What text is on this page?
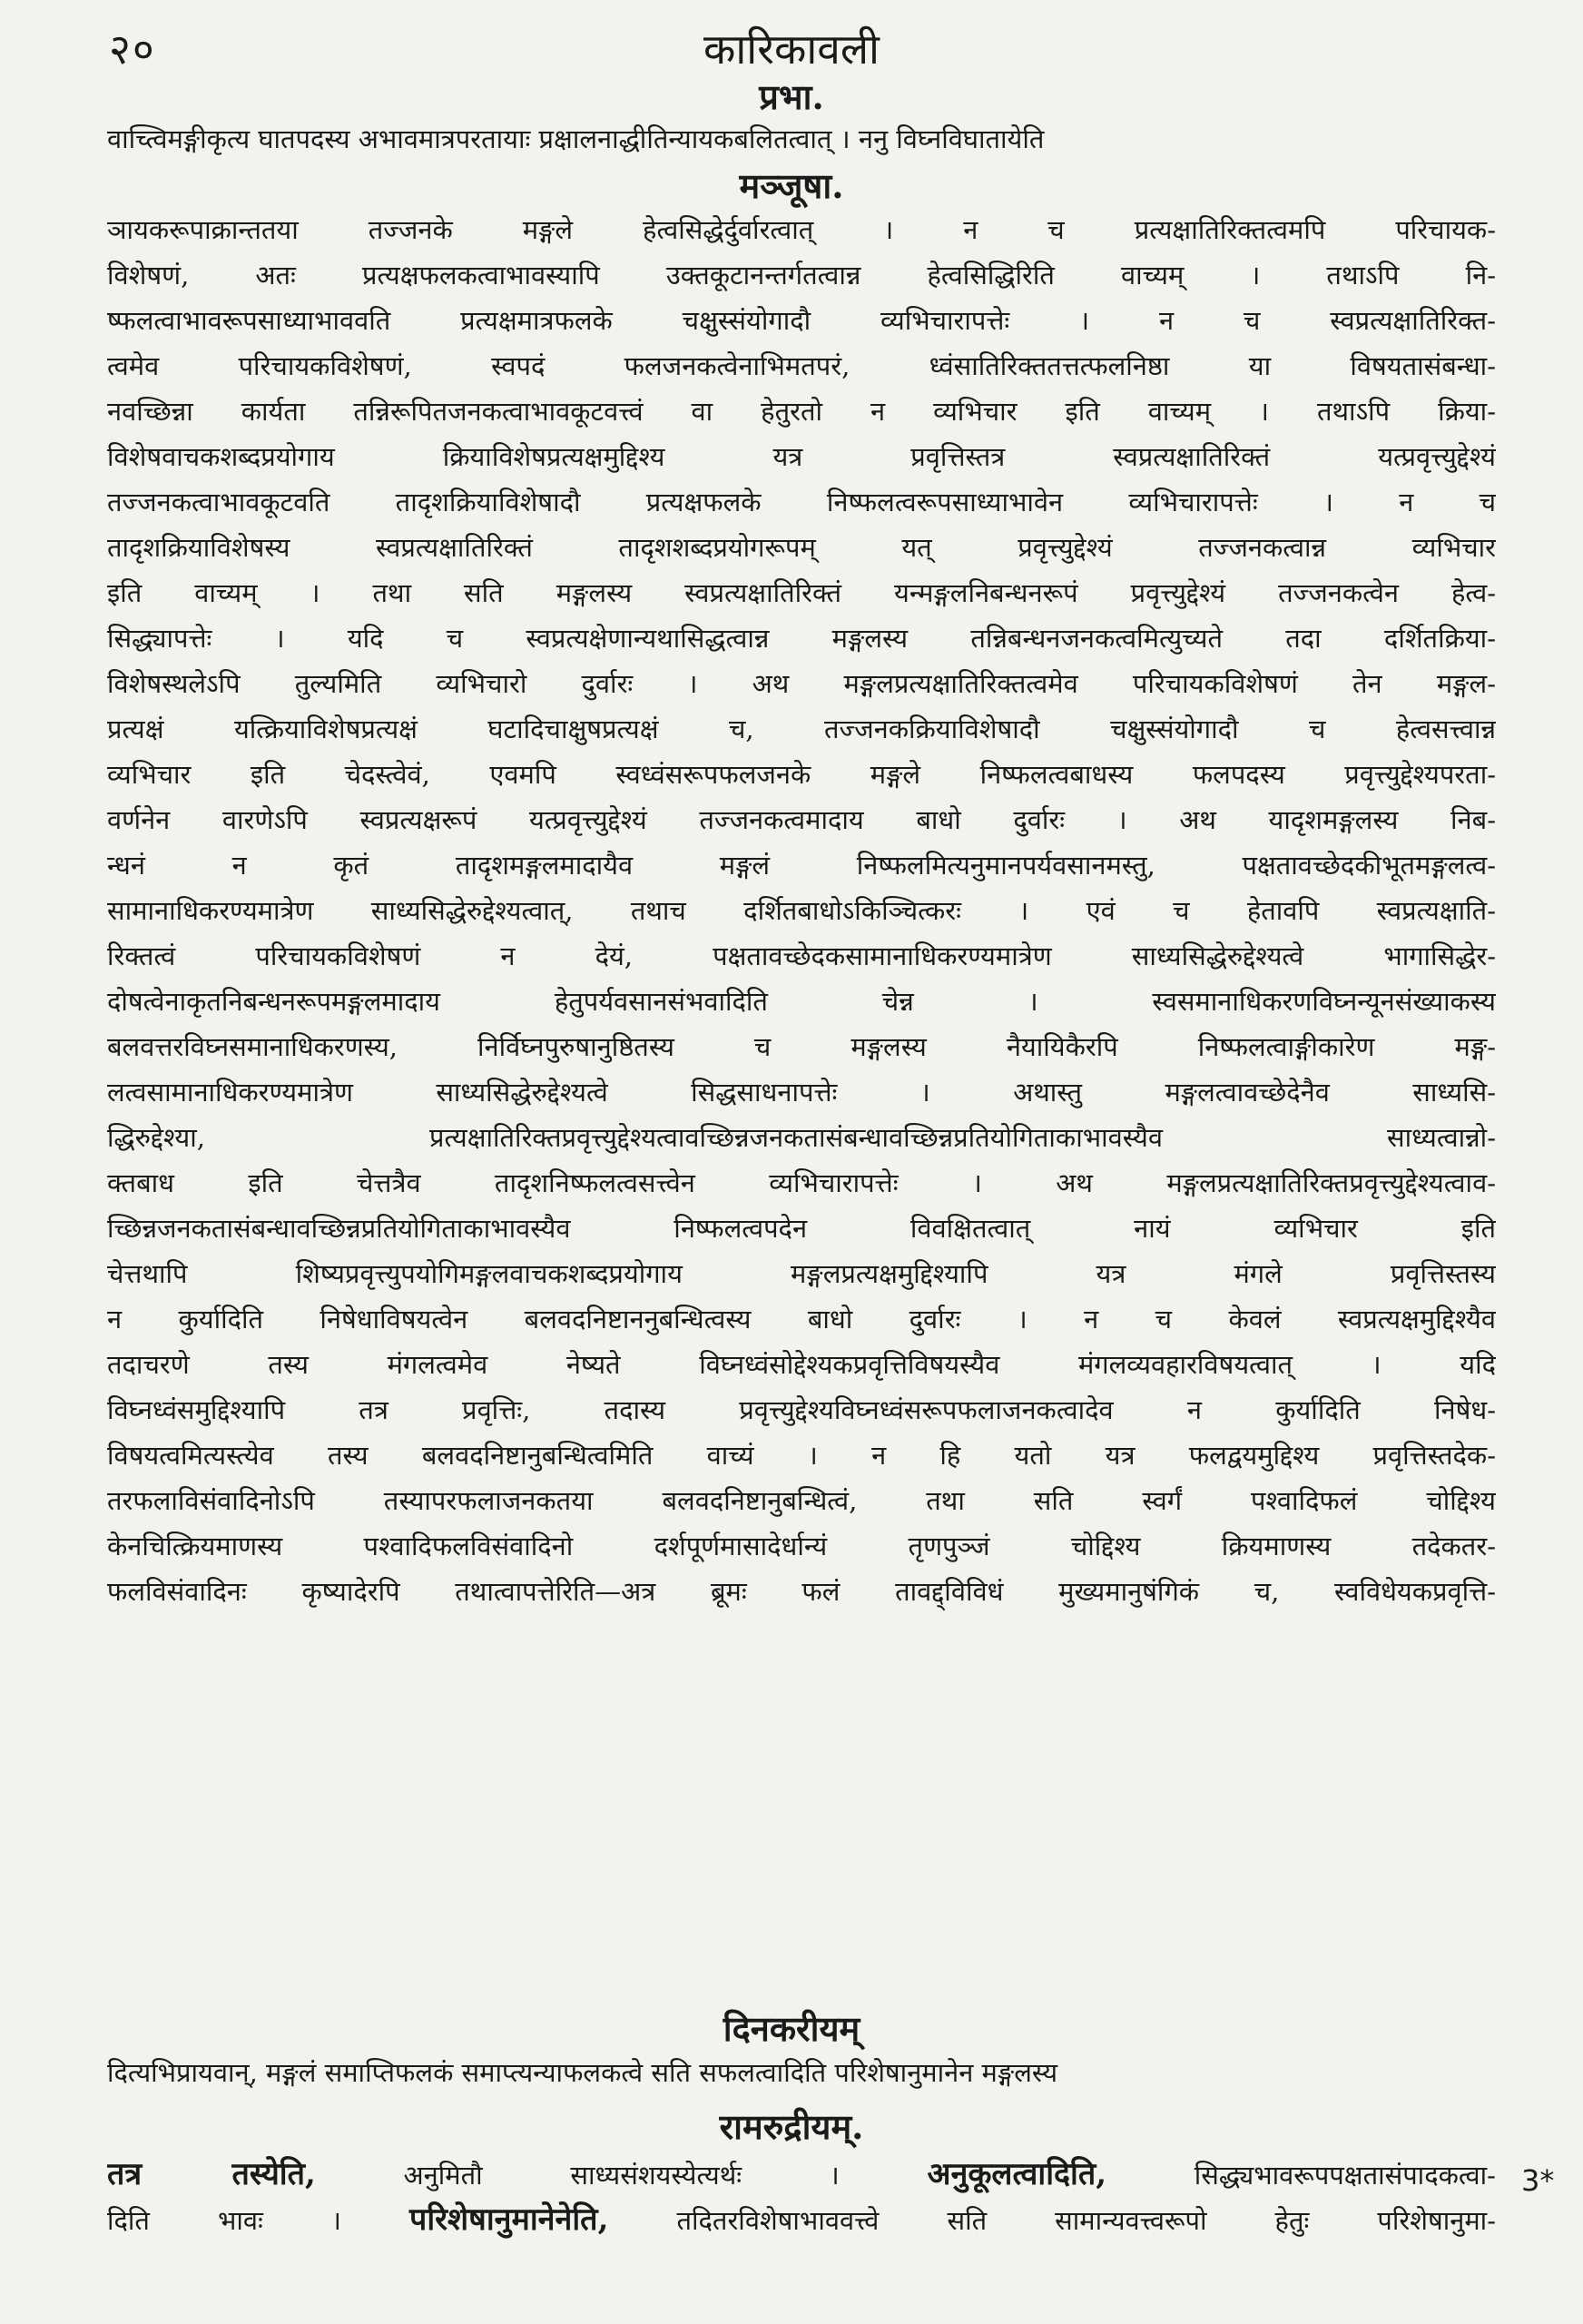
२०	कारिकावली
प्रभा.
वाच्त्विमङ्गीकृत्य घातपदस्य अभावमात्रपरतायाः प्रक्षालनाद्धीतिन्यायकबलितत्वात् । ननु विघ्नविघातायेति
मञ्जूषा.
ञायकरूपाक्रान्ततया तज्जनके मङ्गले हेत्वसिद्धेर्दुर्वारत्वात् । न च प्रत्यक्षातिरिक्तत्वमपि परिचायक-
विशेषणं, अतः प्रत्यक्षफलकत्वाभावस्यापि उक्तकूटानन्तर्गतत्वान्न हेत्वसिद्धिरिति वाच्यम् । तथाऽपि नि-
ष्फलत्वाभावरूपसाध्याभाववति प्रत्यक्षमात्रफलके चक्षुस्संयोगादौ व्यभिचारापत्तेः । न च स्वप्रत्यक्षातिरिक्त-
त्वमेव परिचायकविशेषणं, स्वपदं फलजनकत्वेनाभिमतपरं, ध्वंसातिरिक्ततत्तत्फलनिष्ठा या विषयतासंबन्धा-
नवच्छिन्ना कार्यता तन्निरूपितजनकत्वाभावकूटवत्त्वं वा हेतुरतो न व्यभिचार इति वाच्यम् । तथाऽपि क्रिया-
विशेषवाचकशब्दप्रयोगाय क्रियाविशेषप्रत्यक्षमुद्दिश्य यत्र प्रवृत्तिस्तत्र स्वप्रत्यक्षातिरिक्तं यत्प्रवृत्त्युद्देश्यं
तज्जनकत्वाभावकूटवति तादृशक्रियाविशेषादौ प्रत्यक्षफलके निष्फलत्वरूपसाध्याभावेन व्यभिचारापत्तेः । न च
तादृशक्रियाविशेषस्य स्वप्रत्यक्षातिरिक्तं तादृशशब्दप्रयोगरूपम् यत् प्रवृत्त्युद्देश्यं तज्जनकत्वान्न व्यभिचार
इति वाच्यम् । तथा सति मङ्गलस्य स्वप्रत्यक्षातिरिक्तं यन्मङ्गलनिबन्धनरूपं प्रवृत्त्युद्देश्यं तज्जनकत्वेन हेत्व-
सिद्ध्यापत्तेः । यदि च स्वप्रत्यक्षेणान्यथासिद्धत्वान्न मङ्गलस्य तन्निबन्धनजनकत्वमित्युच्यते तदा दर्शितक्रिया-
विशेषस्थलेऽपि तुल्यमिति व्यभिचारो दुर्वारः । अथ मङ्गलप्रत्यक्षातिरिक्तत्वमेव परिचायकविशेषणं तेन मङ्गल-
प्रत्यक्षं यत्क्रियाविशेषप्रत्यक्षं घटादिचाक्षुषप्रत्यक्षं च, तज्जनकक्रियाविशेषादौ चक्षुस्संयोगादौ च हेत्वसत्त्वान्न
व्यभिचार इति चेदस्त्वेवं, एवमपि स्वध्वंसरूपफलजनके मङ्गले निष्फलत्वबाधस्य फलपदस्य प्रवृत्त्युद्देश्यपरता-
वर्णनेन वारणेऽपि स्वप्रत्यक्षरूपं यत्प्रवृत्त्युद्देश्यं तज्जनकत्वमादाय बाधो दुर्वारः । अथ यादृशमङ्गलस्य निब-
न्धनं न कृतं तादृशमङ्गलमादायैव मङ्गलं निष्फलमित्यनुमानपर्यवसानमस्तु, पक्षतावच्छेदकीभूतमङ्गलत्व-
सामानाधिकरण्यमात्रेण साध्यसिद्धेरुद्देश्यत्वात्, तथाच दर्शितबाधोऽकिञ्चित्करः । एवं च हेतावपि स्वप्रत्यक्षाति-
रिक्तत्वं परिचायकविशेषणं न देयं, पक्षतावच्छेदकसामानाधिकरण्यमात्रेण साध्यसिद्धेरुद्देश्यत्वे भागासिद्धेर-
दोषत्वेनाकृतनिबन्धनरूपमङ्गलमादाय हेतुपर्यवसानसंभवादिति चेन्न । स्वसमानाधिकरणविघ्नन्यूनसंख्याकस्य
बलवत्तरविघ्नसमानाधिकरणस्य, निर्विघ्नपुरुषानुष्ठितस्य च मङ्गलस्य नैयायिकैरपि निष्फलत्वाङ्गीकारेण मङ्ग-
लत्वसामानाधिकरण्यमात्रेण साध्यसिद्धेरुद्देश्यत्वे सिद्धसाधनापत्तेः । अथास्तु मङ्गलत्वावच्छेदेनैव साध्यसि-
द्धिरुद्देश्या, प्रत्यक्षातिरिक्तप्रवृत्त्युद्देश्यत्वावच्छिन्नजनकतासंबन्धावच्छिन्नप्रतियोगिताकाभावस्यैव साध्यत्वान्नो-
क्तबाध इति चेत्तत्रैव तादृशनिष्फलत्वसत्त्वेन व्यभिचारापत्तेः । अथ मङ्गलप्रत्यक्षातिरिक्तप्रवृत्त्युद्देश्यत्वाव-
च्छिन्नजनकतासंबन्धावच्छिन्नप्रतियोगिताकाभावस्यैव निष्फलत्वपदेन विवक्षितत्वात् नायं व्यभिचार इति
चेत्तथापि शिष्यप्रवृत्त्युपयोगिमङ्गलवाचकशब्दप्रयोगाय मङ्गलप्रत्यक्षमुद्दिश्यापि यत्र मंगले प्रवृत्तिस्तस्य
न कुर्यादिति निषेधाविषयत्वेन बलवदनिष्टाननुबन्धित्वस्य बाधो दुर्वारः । न च केवलं स्वप्रत्यक्षमुद्दिश्यैव
तदाचरणे तस्य मंगलत्वमेव नेष्यते विघ्नध्वंसोद्देश्यकप्रवृत्तिविषयस्यैव मंगलव्यवहारविषयत्वात् । यदि
विघ्नध्वंसमुद्दिश्यापि तत्र प्रवृत्तिः, तदास्य प्रवृत्त्युद्देश्यविघ्नध्वंसरूपफलाजनकत्वादेव न कुर्यादिति निषेध-
विषयत्वमित्यस्त्येव तस्य बलवदनिष्टानुबन्धित्वमिति वाच्यं । न हि यतो यत्र फलद्वयमुद्दिश्य प्रवृत्तिस्तदेक-
तरफलाविसंवादिनोऽपि तस्यापरफलाजनकतया बलवदनिष्टानुबन्धित्वं, तथा सति स्वर्गं पश्वादिफलं चोद्दिश्य
केनचित्क्रियमाणस्य पश्वादिफलविसंवादिनो दर्शपूर्णमासादेर्धान्यं तृणपुञ्जं चोद्दिश्य क्रियमाणस्य तदेकतर-
फलविसंवादिनः कृष्यादेरपि तथात्वापत्तेरिति—अत्र ब्रूमः फलं तावद्द्विविधं मुख्यमानुषंगिकं च, स्वविधेयकप्रवृत्ति-
दिनकरीयम्
दित्यभिप्रायवान्, मङ्गलं समाप्तिफलकं समाप्त्यन्याफलकत्वे सति सफलत्वादिति परिशेषानुमानेन मङ्गलस्य
रामरुद्रीयम्.
तत्र तस्येति, अनुमितौ साध्यसंशयस्येत्यर्थः । अनुकूलत्वादिति, सिद्ध्यभावरूपपक्षतासंपादकत्वा-
दिति भावः । परिशेषानुमानेनेति, तदितरविशेषाभाववत्त्वे सति सामान्यवत्त्वरूपो हेतुः परिशेषानुमा-
3*
